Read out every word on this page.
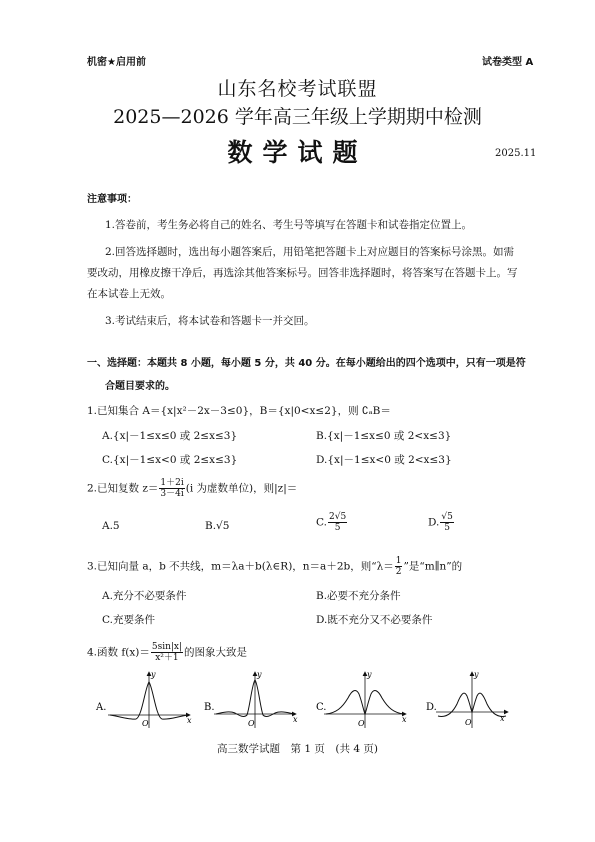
机密★启用前	试卷类型 A
山东名校考试联盟
2025—2026 学年高三年级上学期期中检测
数学试题	2025.11
注意事项：
1.答卷前，考生务必将自己的姓名、考生号等填写在答题卡和试卷指定位置上。
2.回答选择题时，选出每小题答案后，用铅笔把答题卡上对应题目的答案标号涂黑。如需
要改动，用橡皮擦干净后，再选涂其他答案标号。回答非选择题时，将答案写在答题卡上。写
在本试卷上无效。
3.考试结束后，将本试卷和答题卡一并交回。
一、选择题：本题共 8 小题，每小题 5 分，共 40 分。在每小题给出的四个选项中，只有一项是符
合题目要求的。
1.已知集合 A＝{x|x²－2x－3≤0}，B＝{x|0<x≤2}，则 ∁ₐB＝
A.{x|－1≤x≤0 或 2≤x≤3}	B.{x|－1≤x≤0 或 2<x≤3}
C.{x|－1≤x<0 或 2≤x≤3}	D.{x|－1≤x<0 或 2<x≤3}
2.已知复数 $z= \frac{1+2i}{3-4i} (i$ 为虚数单位)，则|z|＝
A.5	B.√5	C. $\frac{2√5}{5}$	D. $\frac{√5}{5}$
3.已知向量 a，b 不共线，m＝λa＋b(λ∈R)，n＝a＋2b，则“$\lambda= \frac{1}{2}$ ”是“m∥n”的
A.充分不必要条件	B.必要不充分条件
C.充要条件	D.既不充分又不必要条件
4.函数 $f(x)= \frac{5\sin|x|}{\text{x²＋1}}$ 的图象大致是
A.
y
O	x
B.
y
O	x
C.
y
O	x
D.
y
O	x
高三数学试题　第 1 页　(共 4 页)
